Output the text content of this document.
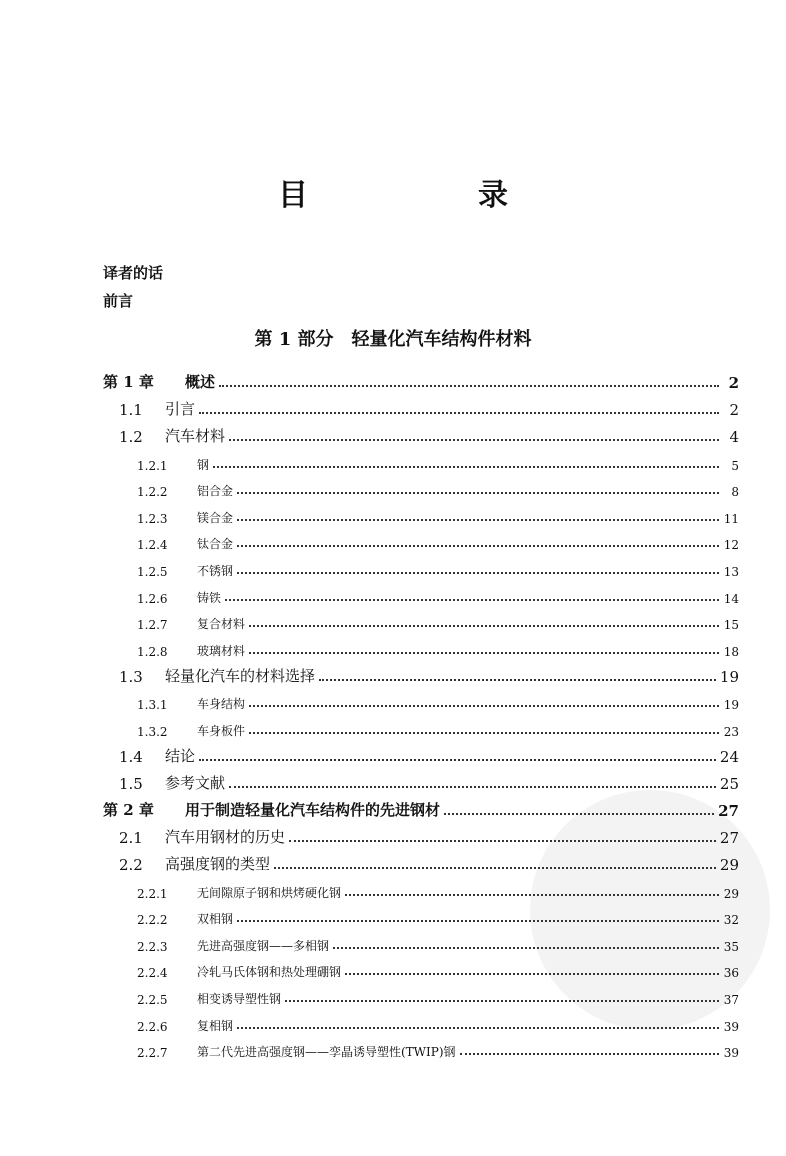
目　录
译者的话
前言
第 1 部分　轻量化汽车结构件材料
第 1 章	概述	2
1.1	引言	2
1.2	汽车材料	4
1.2.1	钢	5
1.2.2	铝合金	8
1.2.3	镁合金	11
1.2.4	钛合金	12
1.2.5	不锈钢	13
1.2.6	铸铁	14
1.2.7	复合材料	15
1.2.8	玻璃材料	18
1.3	轻量化汽车的材料选择	19
1.3.1	车身结构	19
1.3.2	车身板件	23
1.4	结论	24
1.5	参考文献	25
第 2 章	用于制造轻量化汽车结构件的先进钢材	27
2.1	汽车用钢材的历史	27
2.2	高强度钢的类型	29
2.2.1	无间隙原子钢和烘烤硬化钢	29
2.2.2	双相钢	32
2.2.3	先进高强度钢——多相钢	35
2.2.4	冷轧马氏体钢和热处理硼钢	36
2.2.5	相变诱导塑性钢	37
2.2.6	复相钢	39
2.2.7	第二代先进高强度钢——孪晶诱导塑性(TWIP)钢	39
